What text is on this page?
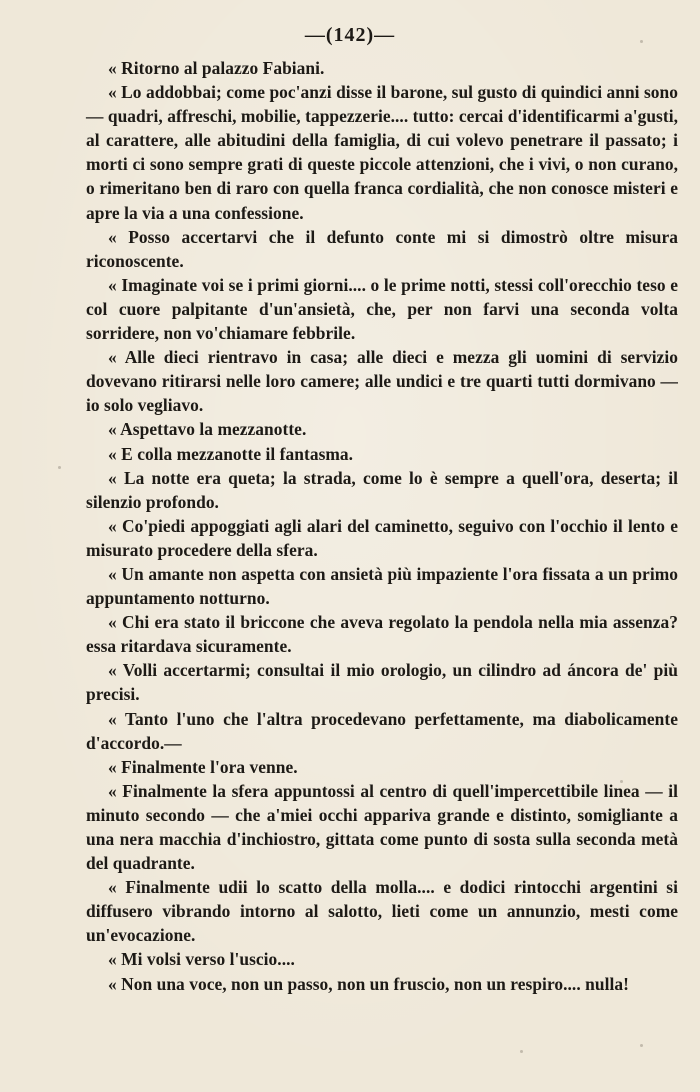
—(142)—

« Ritorno al palazzo Fabiani.

« Lo addobbai; come poc'anzi disse il barone, sul gusto di quindici anni sono — quadri, affreschi, mobilie, tappezzerie.... tutto: cercai d'identificarmi a'gusti, al carattere, alle abitudini della famiglia, di cui volevo penetrare il passato; i morti ci sono sempre grati di queste piccole attenzioni, che i vivi, o non curano, o rimeritano ben di raro con quella franca cordialità, che non conosce misteri e apre la via a una confessione.

« Posso accertarvi che il defunto conte mi si dimostrò oltre misura riconoscente.

« Imaginate voi se i primi giorni.... o le prime notti, stessi coll'orecchio teso e col cuore palpitante d'un'ansietà, che, per non farvi una seconda volta sorridere, non vo'chiamare febbrile.

« Alle dieci rientravo in casa; alle dieci e mezza gli uomini di servizio dovevano ritirarsi nelle loro camere; alle undici e tre quarti tutti dormivano — io solo vegliavo.

« Aspettavo la mezzanotte.

« E colla mezzanotte il fantasma.

« La notte era queta; la strada, come lo è sempre a quell'ora, deserta; il silenzio profondo.

« Co'piedi appoggiati agli alari del caminetto, seguivo con l'occhio il lento e misurato procedere della sfera.

« Un amante non aspetta con ansietà più impaziente l'ora fissata a un primo appuntamento notturno.

« Chi era stato il briccone che aveva regolato la pendola nella mia assenza? essa ritardava sicuramente.

« Volli accertarmi; consultai il mio orologio, un cilindro ad áncora de' più precisi.

« Tanto l'uno che l'altra procedevano perfettamente, ma diabolicamente d'accordo.—

« Finalmente l'ora venne.

« Finalmente la sfera appuntossi al centro di quell'impercettibile linea — il minuto secondo — che a'miei occhi appariva grande e distinto, somigliante a una nera macchia d'inchiostro, gittata come punto di sosta sulla seconda metà del quadrante.

« Finalmente udii lo scatto della molla.... e dodici rintocchi argentini si diffusero vibrando intorno al salotto, lieti come un annunzio, mesti come un'evocazione.

« Mi volsi verso l'uscio....

« Non una voce, non un passo, non un fruscio, non un respiro.... nulla!
